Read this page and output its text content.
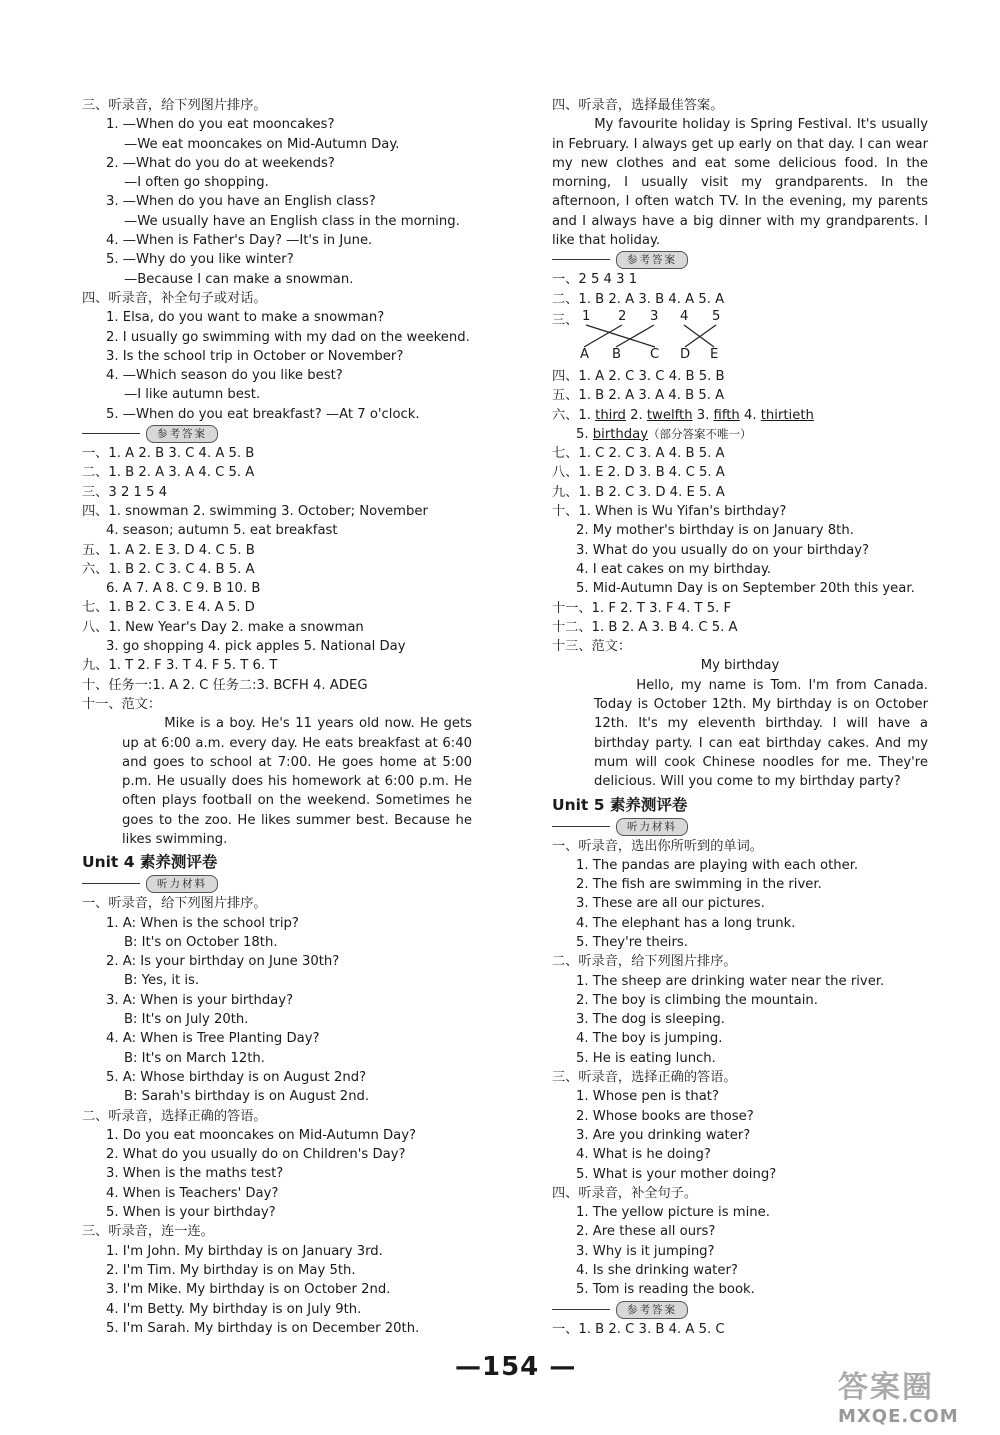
三、听录音，给下列图片排序。
1. —When do you eat mooncakes?
—We eat mooncakes on Mid-Autumn Day.
2. —What do you do at weekends?
—I often go shopping.
3. —When do you have an English class?
—We usually have an English class in the morning.
4. —When is Father's Day? —It's in June.
5. —Why do you like winter?
—Because I can make a snowman.
四、听录音，补全句子或对话。
1. Elsa, do you want to make a snowman?
2. I usually go swimming with my dad on the weekend.
3. Is the school trip in October or November?
4. —Which season do you like best?
—I like autumn best.
5. —When do you eat breakfast? —At 7 o'clock.
参考答案
一、1. A 2. B 3. C 4. A 5. B
二、1. B 2. A 3. A 4. C 5. A
三、3 2 1 5 4
四、1. snowman 2. swimming 3. October; November
4. season; autumn 5. eat breakfast
五、1. A 2. E 3. D 4. C 5. B
六、1. B 2. C 3. C 4. B 5. A
6. A 7. A 8. C 9. B 10. B
七、1. B 2. C 3. E 4. A 5. D
八、1. New Year's Day 2. make a snowman
3. go shopping 4. pick apples 5. National Day
九、1. T 2. F 3. T 4. F 5. T 6. T
十、任务一:1. A 2. C 任务二:3. BCFH 4. ADEG
十一、范文：
Mike is a boy. He's 11 years old now. He gets up at 6:00 a.m. every day. He eats breakfast at 6:40 and goes to school at 7:00. He goes home at 5:00 p.m. He usually does his homework at 6:00 p.m. He often plays football on the weekend. Sometimes he goes to the zoo. He likes summer best. Because he likes swimming.
Unit 4 素养测评卷
听力材料
一、听录音，给下列图片排序。
1. A: When is the school trip?
B: It's on October 18th.
2. A: Is your birthday on June 30th?
B: Yes, it is.
3. A: When is your birthday?
B: It's on July 20th.
4. A: When is Tree Planting Day?
B: It's on March 12th.
5. A: Whose birthday is on August 2nd?
B: Sarah's birthday is on August 2nd.
二、听录音，选择正确的答语。
1. Do you eat mooncakes on Mid-Autumn Day?
2. What do you usually do on Children's Day?
3. When is the maths test?
4. When is Teachers' Day?
5. When is your birthday?
三、听录音，连一连。
1. I'm John. My birthday is on January 3rd.
2. I'm Tim. My birthday is on May 5th.
3. I'm Mike. My birthday is on October 2nd.
4. I'm Betty. My birthday is on July 9th.
5. I'm Sarah. My birthday is on December 20th.
四、听录音，选择最佳答案。
My favourite holiday is Spring Festival. It's usually in February. I always get up early on that day. I can wear my new clothes and eat some delicious food. In the morning, I usually visit my grandparents. In the afternoon, I often watch TV. In the evening, my parents and I always have a big dinner with my grandparents. I like that holiday.
参考答案
一、2 5 4 3 1
二、1. B 2. A 3. B 4. A 5. A
三、 1 2 3 4 5
A B C D E
四、1. A 2. C 3. C 4. B 5. B
五、1. B 2. A 3. A 4. B 5. A
六、1. third 2. twelfth 3. fifth 4. thirtieth
5. birthday（部分答案不唯一）
七、1. C 2. C 3. A 4. B 5. A
八、1. E 2. D 3. B 4. C 5. A
九、1. B 2. C 3. D 4. E 5. A
十、1. When is Wu Yifan's birthday?
2. My mother's birthday is on January 8th.
3. What do you usually do on your birthday?
4. I eat cakes on my birthday.
5. Mid-Autumn Day is on September 20th this year.
十一、1. F 2. T 3. F 4. T 5. F
十二、1. B 2. A 3. B 4. C 5. A
十三、范文：
My birthday
Hello, my name is Tom. I'm from Canada. Today is October 12th. My birthday is on October 12th. It's my eleventh birthday. I will have a birthday party. I can eat birthday cakes. And my mum will cook Chinese noodles for me. They're delicious. Will you come to my birthday party?
Unit 5 素养测评卷
听力材料
一、听录音，选出你所听到的单词。
1. The pandas are playing with each other.
2. The fish are swimming in the river.
3. These are all our pictures.
4. The elephant has a long trunk.
5. They're theirs.
二、听录音，给下列图片排序。
1. The sheep are drinking water near the river.
2. The boy is climbing the mountain.
3. The dog is sleeping.
4. The boy is jumping.
5. He is eating lunch.
三、听录音，选择正确的答语。
1. Whose pen is that?
2. Whose books are those?
3. Are you drinking water?
4. What is he doing?
5. What is your mother doing?
四、听录音，补全句子。
1. The yellow picture is mine.
2. Are these all ours?
3. Why is it jumping?
4. Is she drinking water?
5. Tom is reading the book.
参考答案
一、1. B 2. C 3. B 4. A 5. C
—154 —
答案圈
MXQE.COM
